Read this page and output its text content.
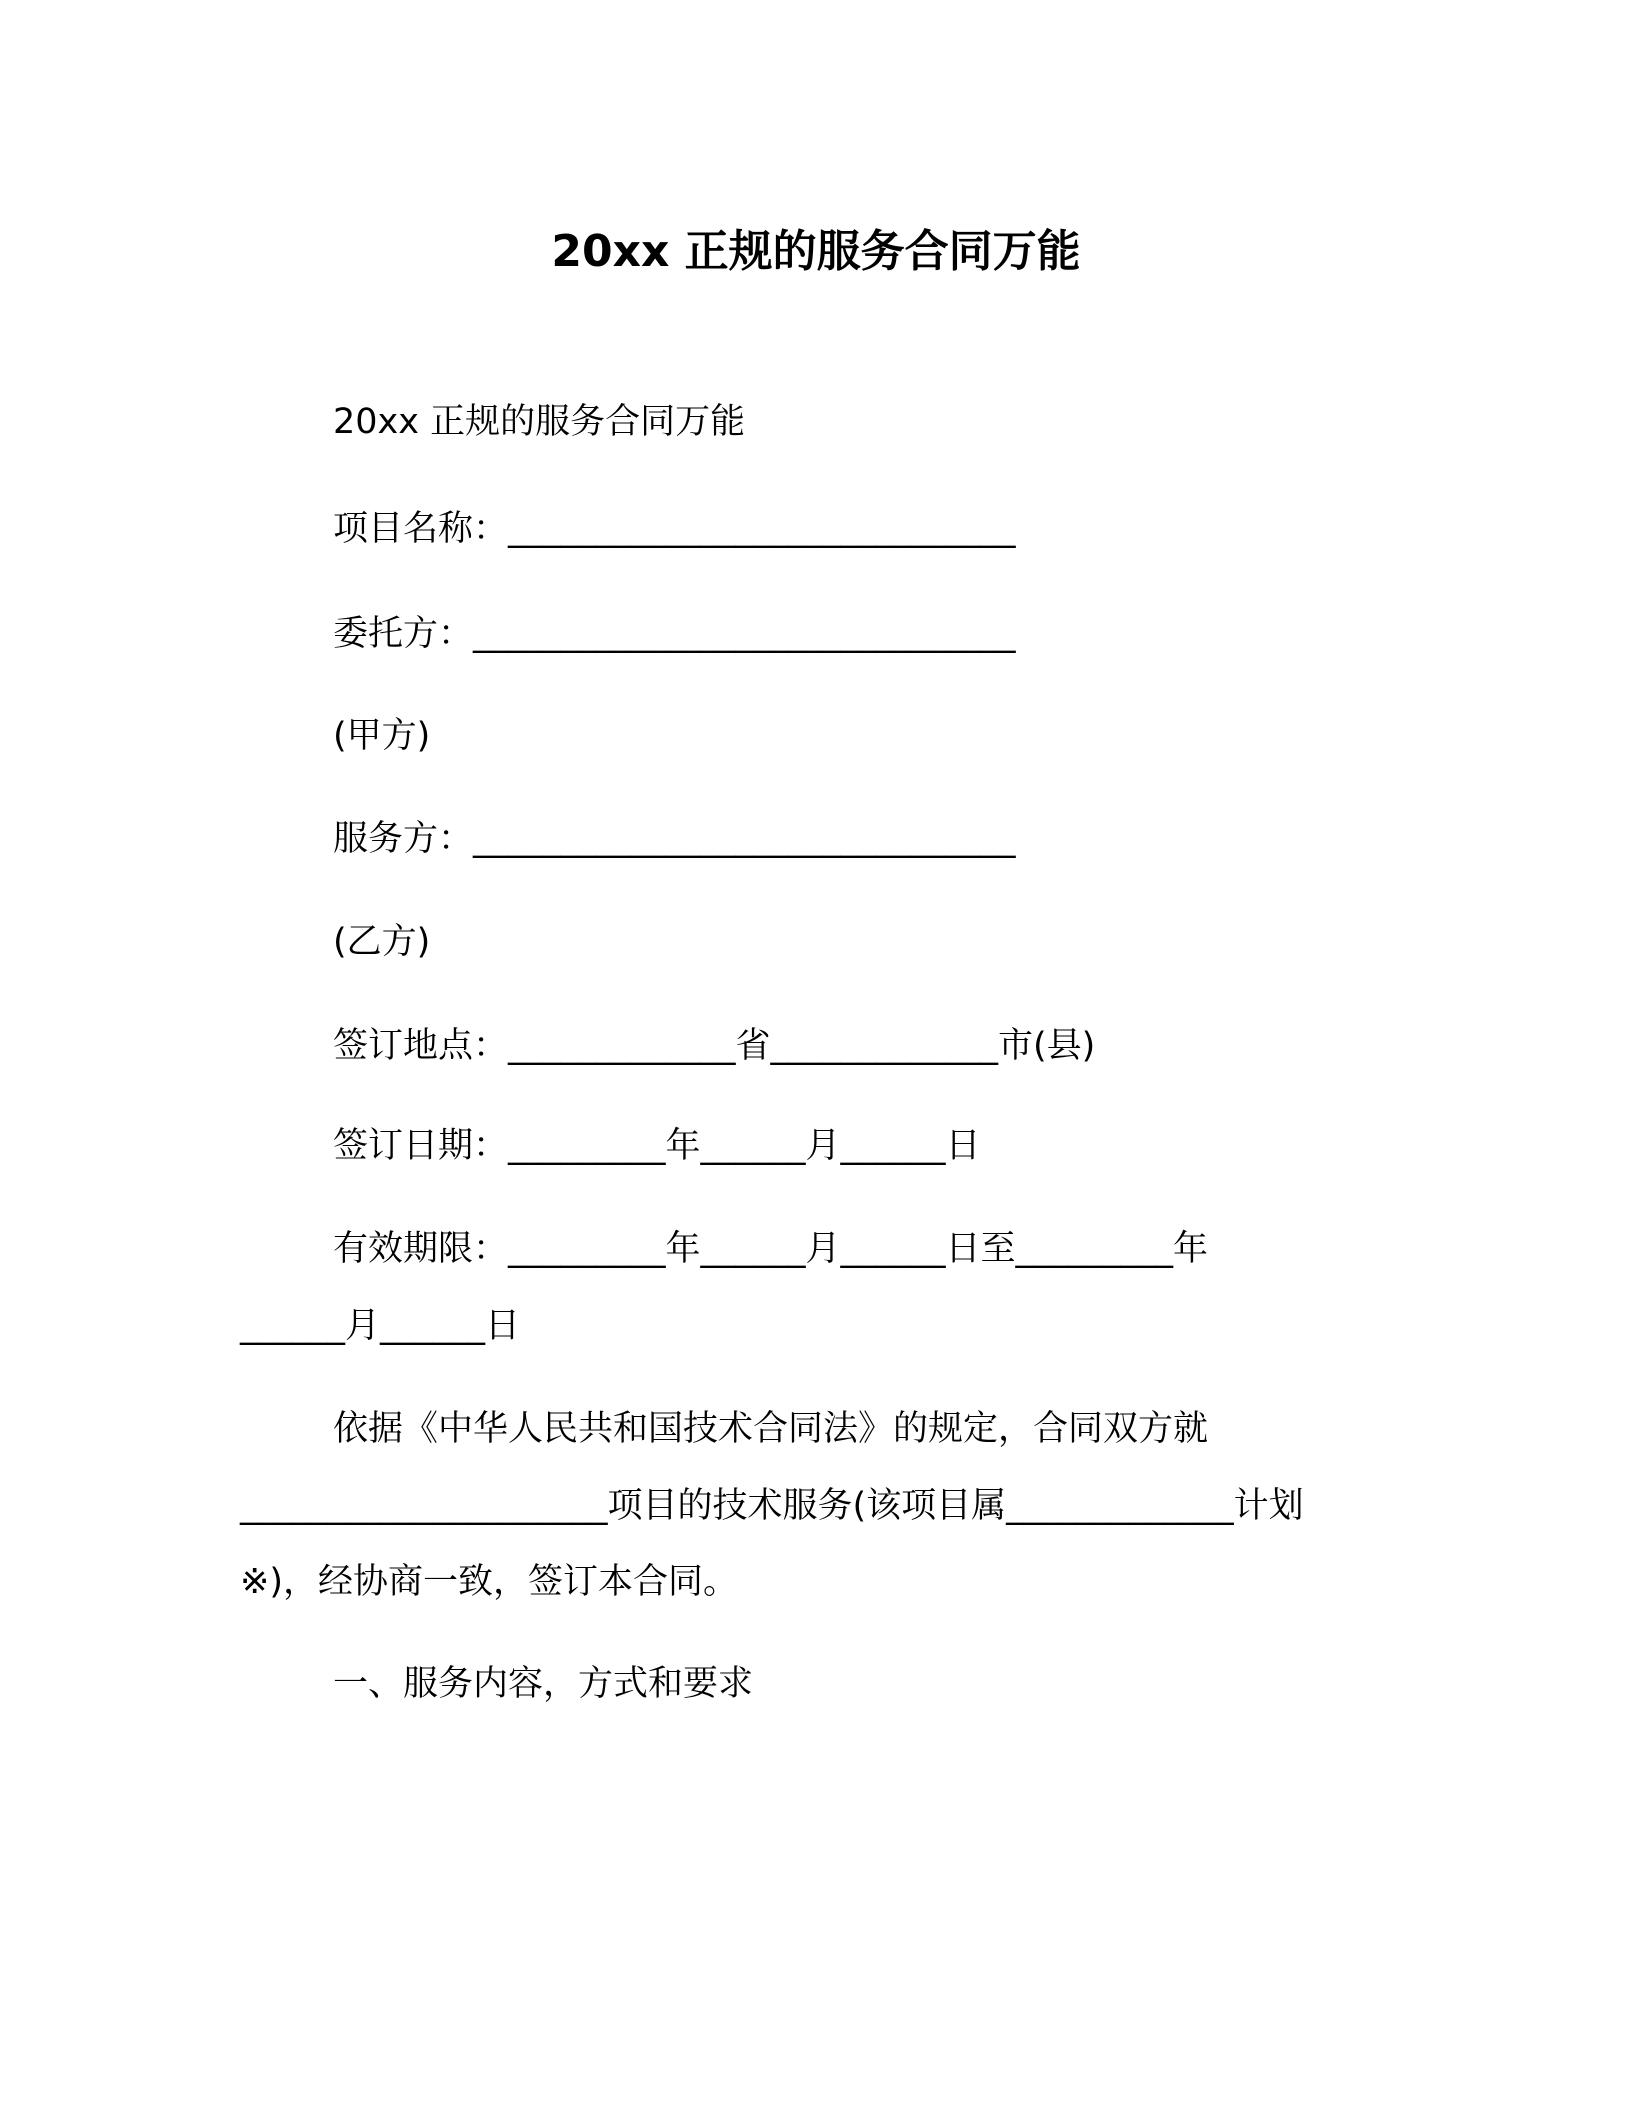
20xx 正规的服务合同万能
20xx 正规的服务合同万能
项目名称：_____________________________
委托方：_______________________________
(甲方)
服务方：_______________________________
(乙方)
签订地点：_____________省_____________市(县)
签订日期：_________年______月______日
有效期限：_________年______月______日至_________年
______月______日
依据《中华人民共和国技术合同法》的规定，合同双方就
_____________________项目的技术服务(该项目属_____________计划
※)，经协商一致，签订本合同。
一、服务内容，方式和要求
